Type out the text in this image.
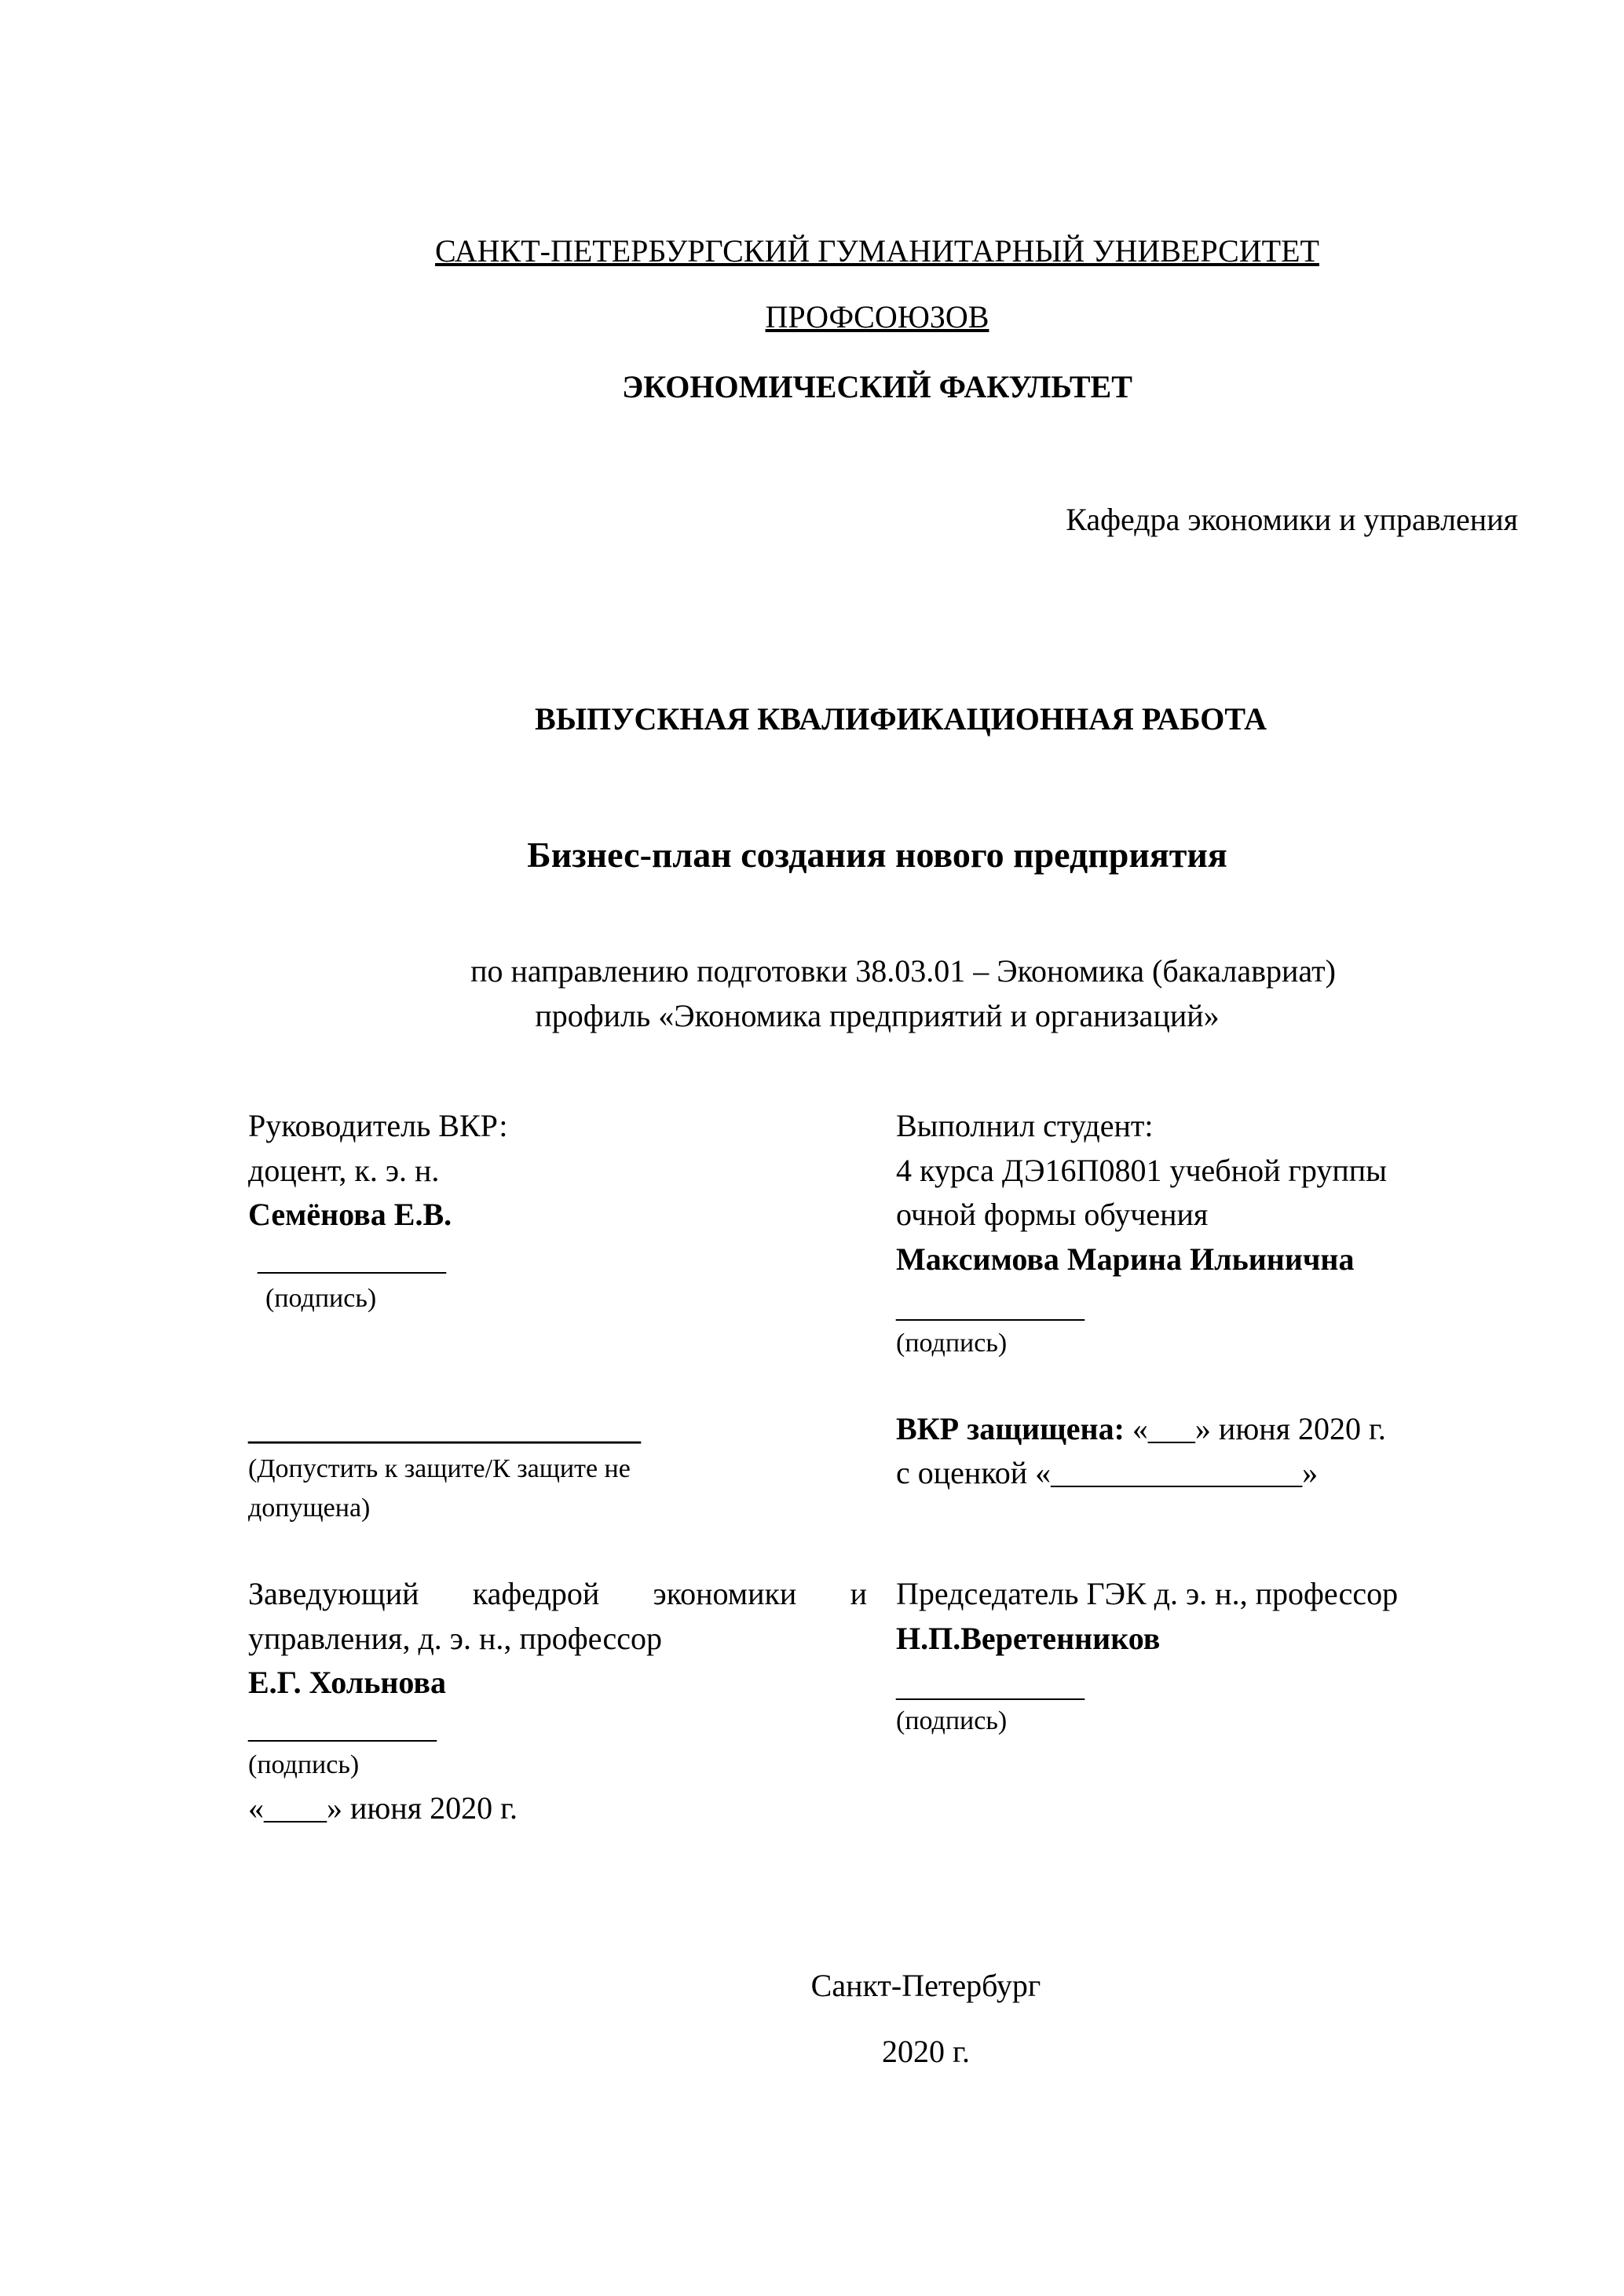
САНКТ-ПЕТЕРБУРГСКИЙ ГУМАНИТАРНЫЙ УНИВЕРСИТЕТ
ПРОФСОЮЗОВ
ЭКОНОМИЧЕСКИЙ ФАКУЛЬТЕТ
Кафедра экономики и управления
ВЫПУСКНАЯ КВАЛИФИКАЦИОННАЯ РАБОТА
Бизнес-план создания нового предприятия
по направлению подготовки 38.03.01 – Экономика (бакалавриат)
профиль «Экономика предприятий и организаций»
Руководитель ВКР:
доцент, к. э. н.
Семёнова Е.В.
____________
(подпись)
_________________________
(Допустить к защите/К защите не
допущена)
Заведующий кафедрой экономики и
управления, д. э. н., профессор
Е.Г. Хольнова
____________
(подпись)
«____» июня 2020 г.
Выполнил студент:
4 курса ДЭ16П0801 учебной группы
очной формы обучения
Максимова Марина Ильинична
____________
(подпись)
ВКР защищена: «___» июня 2020 г.
с оценкой «________________»
Председатель ГЭК д. э. н., профессор
Н.П.Веретенников
____________
(подпись)
Санкт-Петербург
2020 г.
